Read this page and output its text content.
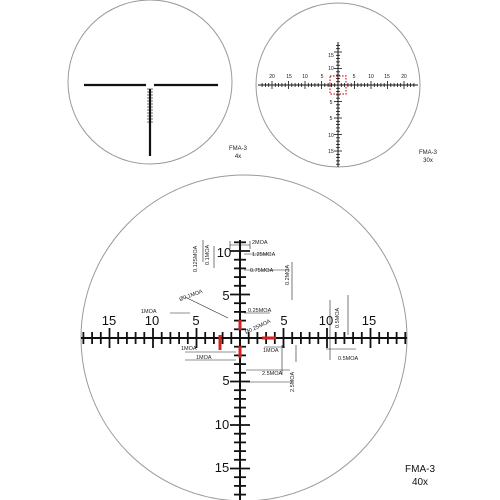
FMA-3
4x
20 15 10	5	5	10 15 20
15
10
5
5
10
15	FMA-3
30x
15 10	5	5 10 15
10
5
5
10
15
2MOA
1.25MOA
0.75MOA
0.25MOA
0.125MOA 0.1MOA
0.2MOA
Ø0.1MOA
1MOA
Ø0.25MOA
1MOA
1MOA
1MOA
2.5MOA 2.5MOA
0.5MOA
0.5MOA
FMA-3
40x
